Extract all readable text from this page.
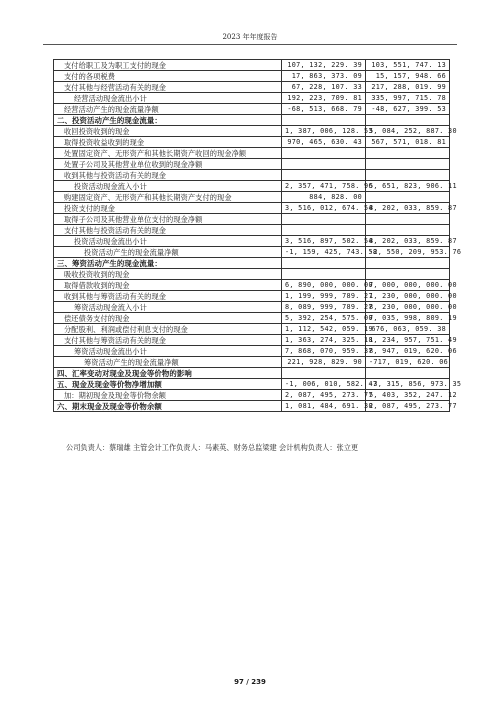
2023 年年度报告
支付给职工及为职工支付的现金	107, 132, 229. 39	103, 551, 747. 13
支付的各项税费	17, 863, 373. 09	15, 157, 948. 66
支付其他与经营活动有关的现金	67, 228, 107. 33	217, 288, 019. 99
经营活动现金流出小计	192, 223, 709. 81	335, 997, 715. 78
经营活动产生的现金流量净额	-68, 513, 668. 79	-48, 627, 399. 53
二、投资活动产生的现金流量：		
收回投资收到的现金	1, 387, 006, 128. 53	5, 084, 252, 887. 30
取得投资收益收到的现金	970, 465, 630. 43	567, 571, 018. 81
处置固定资产、无形资产和其他长期资产收回的现金净额		
处置子公司及其他营业单位收到的现金净额		
收到其他与投资活动有关的现金		
投资活动现金流入小计	2, 357, 471, 758. 96	5, 651, 823, 906. 11
购建固定资产、无形资产和其他长期资产支付的现金	884, 828. 00	
投资支付的现金	3, 516, 012, 674. 54	8, 202, 033, 859. 87
取得子公司及其他营业单位支付的现金净额		
支付其他与投资活动有关的现金		
投资活动现金流出小计	3, 516, 897, 502. 54	8, 202, 033, 859. 87
投资活动产生的现金流量净额	-1, 159, 425, 743. 58	-2, 550, 209, 953. 76
三、筹资活动产生的现金流量：		
吸收投资收到的现金		
取得借款收到的现金	6, 890, 000, 000. 00	7, 000, 000, 000. 00
收到其他与筹资活动有关的现金	1, 199, 999, 789. 27	1, 230, 000, 000. 00
筹资活动现金流入小计	8, 089, 999, 789. 27	8, 230, 000, 000. 00
偿还债务支付的现金	5, 392, 254, 575. 00	7, 035, 998, 809. 19
分配股利、利润或偿付利息支付的现金	1, 112, 542, 059. 19	676, 063, 059. 38
支付其他与筹资活动有关的现金	1, 363, 274, 325. 18	1, 234, 957, 751. 49
筹资活动现金流出小计	7, 868, 070, 959. 37	8, 947, 019, 620. 06
筹资活动产生的现金流量净额	221, 928, 829. 90	-717, 019, 620. 06
四、汇率变动对现金及现金等价物的影响		
五、现金及现金等价物净增加额	-1, 006, 010, 582. 47	-3, 315, 856, 973. 35
加：期初现金及现金等价物余额	2, 087, 495, 273. 77	5, 403, 352, 247. 12
六、期末现金及现金等价物余额	1, 081, 484, 691. 30	2, 087, 495, 273. 77
公司负责人：蔡瑞雄 主管会计工作负责人：马素英、财务总监梁建 会计机构负责人：张立更
97 / 239
